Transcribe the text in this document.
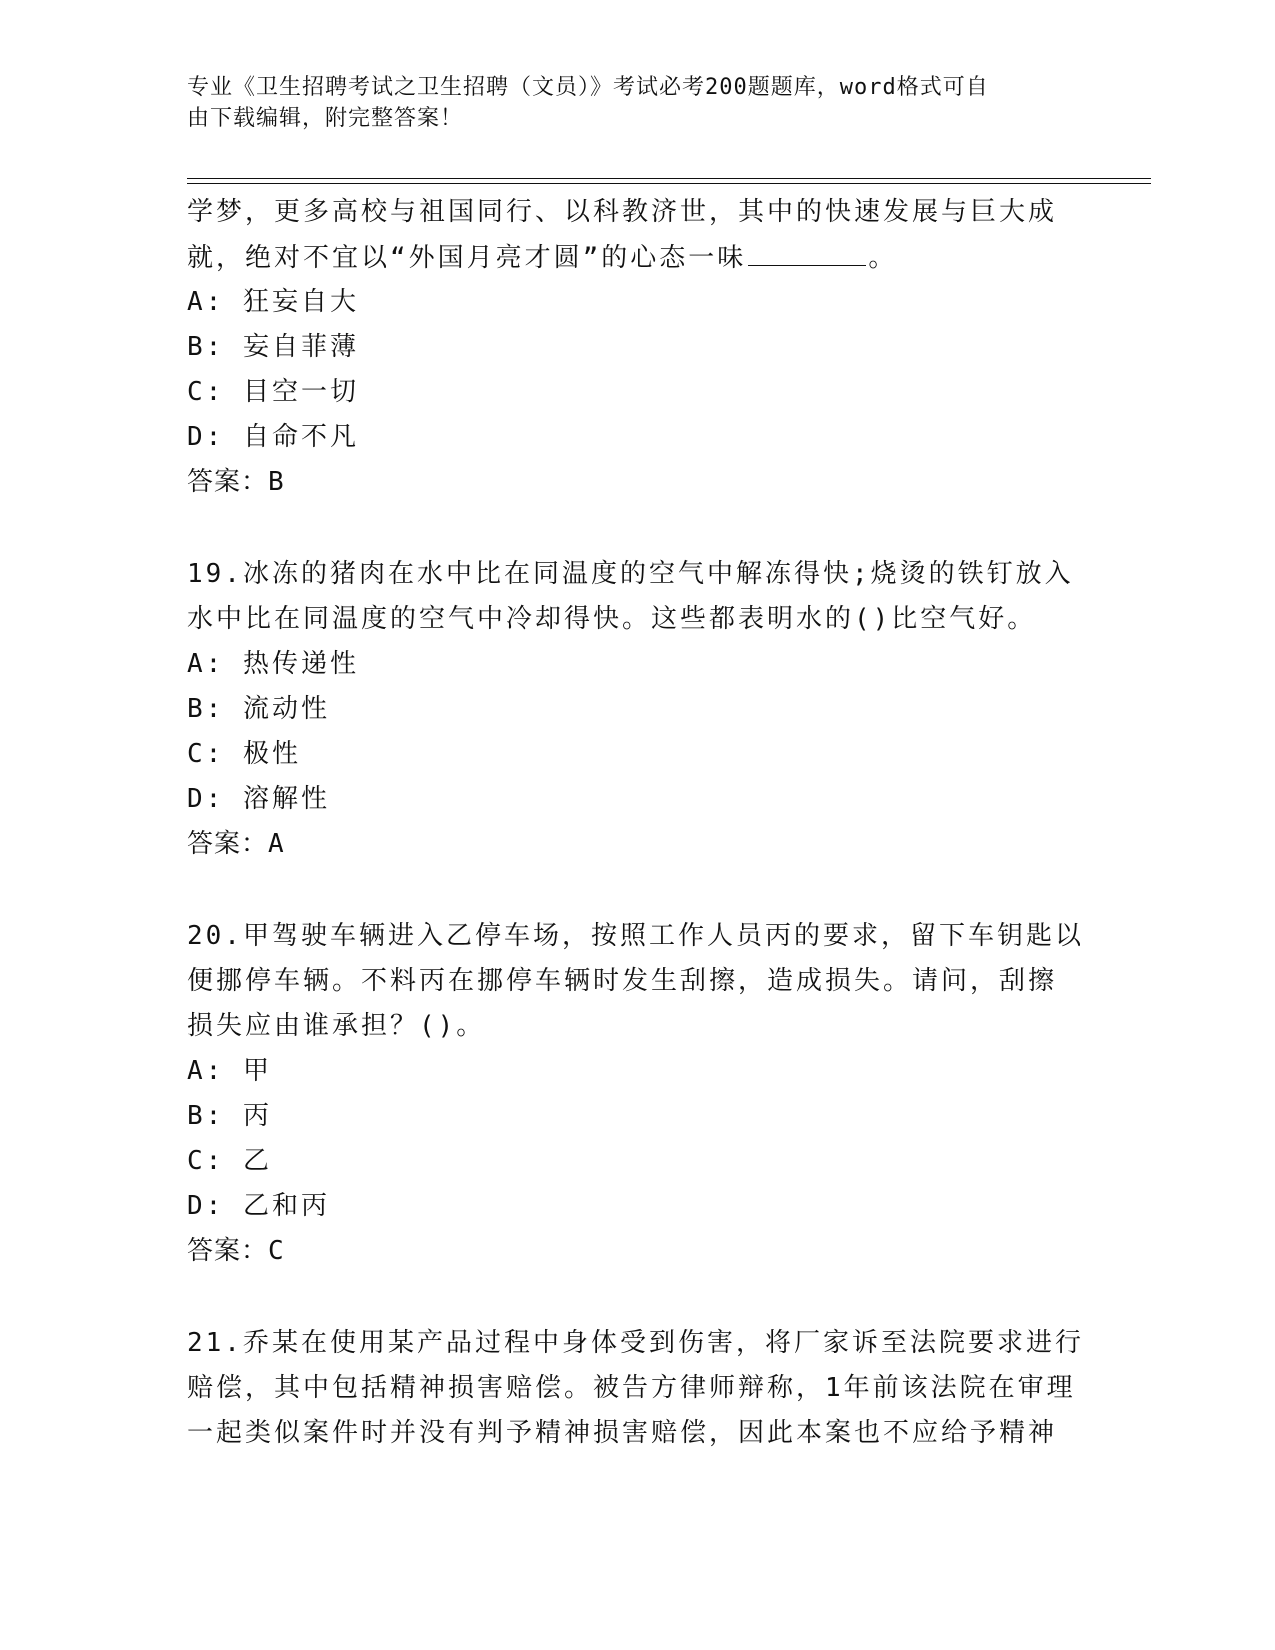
专业《卫生招聘考试之卫生招聘（文员）》考试必考200题题库，word格式可自
由下载编辑，附完整答案！
学梦，更多高校与祖国同行、以科教济世，其中的快速发展与巨大成
就，绝对不宜以“外国月亮才圆”的心态一味	。
A: 狂妄自大
B: 妄自菲薄
C: 目空一切
D: 自命不凡
答案：B
19.冰冻的猪肉在水中比在同温度的空气中解冻得快;烧烫的铁钉放入
水中比在同温度的空气中冷却得快。这些都表明水的()比空气好。
A: 热传递性
B: 流动性
C: 极性
D: 溶解性
答案：A
20.甲驾驶车辆进入乙停车场，按照工作人员丙的要求，留下车钥匙以
便挪停车辆。不料丙在挪停车辆时发生刮擦，造成损失。请问，刮擦
损失应由谁承担？()。
A: 甲
B: 丙
C: 乙
D: 乙和丙
答案：C
21.乔某在使用某产品过程中身体受到伤害，将厂家诉至法院要求进行
赔偿，其中包括精神损害赔偿。被告方律师辩称，1年前该法院在审理
一起类似案件时并没有判予精神损害赔偿，因此本案也不应给予精神
